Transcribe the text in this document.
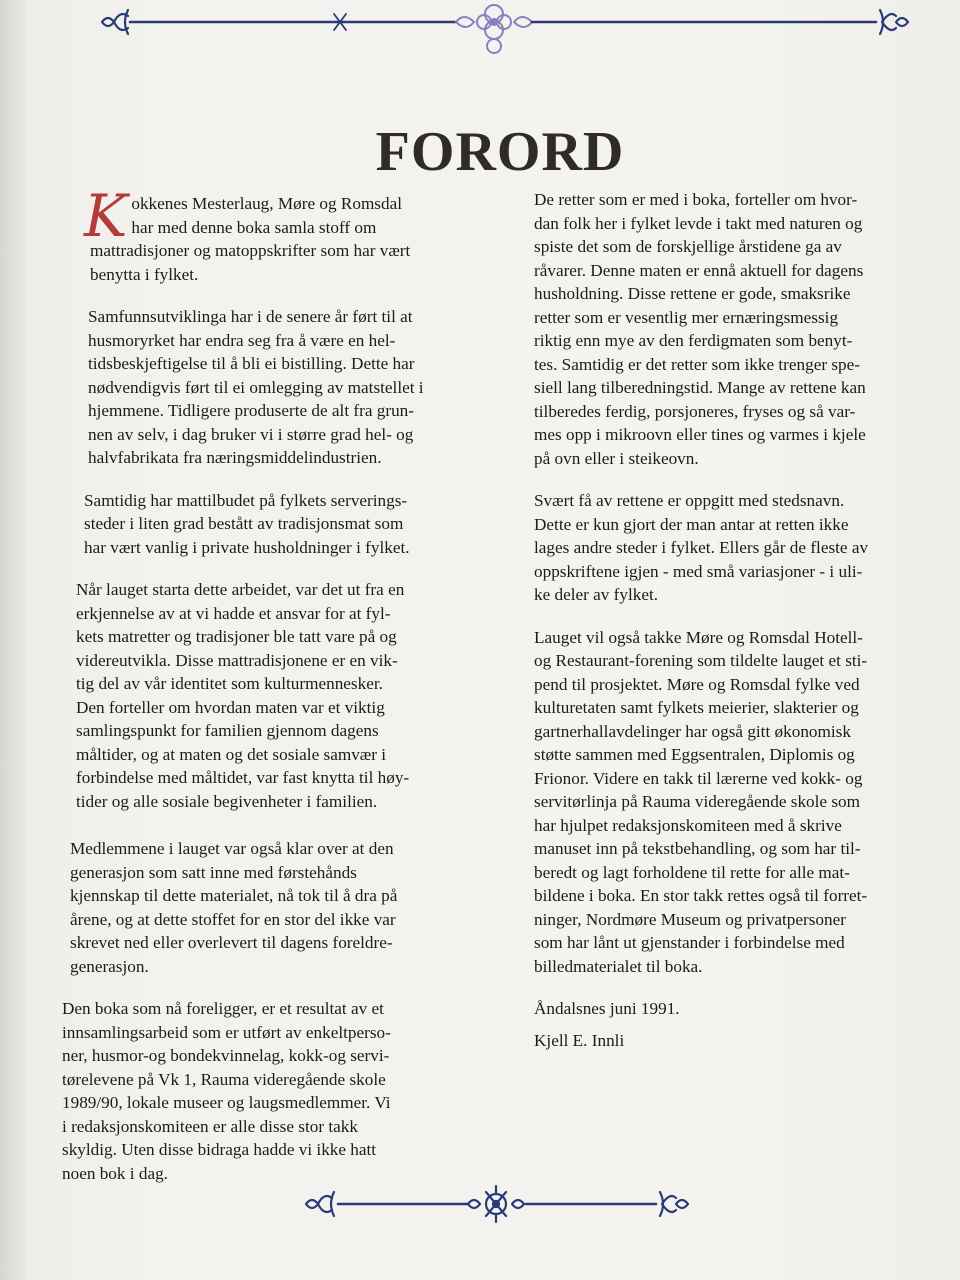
FORORD

Kokkenes Mesterlaug, Møre og Romsdal
har med denne boka samla stoff om
mattradisjoner og matoppskrifter som har vært
benytta i fylket.

Samfunnsutviklinga har i de senere år ført til at
husmoryrket har endra seg fra å være en hel-
tidsbeskjeftigelse til å bli ei bistilling. Dette har
nødvendigvis ført til ei omlegging av matstellet i
hjemmene. Tidligere produserte de alt fra grun-
nen av selv, i dag bruker vi i større grad hel- og
halvfabrikata fra næringsmiddelindustrien.

Samtidig har mattilbudet på fylkets serverings-
steder i liten grad bestått av tradisjonsmat som
har vært vanlig i private husholdninger i fylket.

Når lauget starta dette arbeidet, var det ut fra en
erkjennelse av at vi hadde et ansvar for at fyl-
kets matretter og tradisjoner ble tatt vare på og
videreutvikla. Disse mattradisjonene er en vik-
tig del av vår identitet som kulturmennesker.
Den forteller om hvordan maten var et viktig
samlingspunkt for familien gjennom dagens
måltider, og at maten og det sosiale samvær i
forbindelse med måltidet, var fast knytta til høy-
tider og alle sosiale begivenheter i familien.

Medlemmene i lauget var også klar over at den
generasjon som satt inne med førstehånds
kjennskap til dette materialet, nå tok til å dra på
årene, og at dette stoffet for en stor del ikke var
skrevet ned eller overlevert til dagens foreldre-
generasjon.

Den boka som nå foreligger, er et resultat av et
innsamlingsarbeid som er utført av enkeltperso-
ner, husmor-og bondekvinnelag, kokk-og servi-
tørelevene på Vk 1, Rauma videregående skole
1989/90, lokale museer og laugsmedlemmer. Vi
i redaksjonskomiteen er alle disse stor takk
skyldig. Uten disse bidraga hadde vi ikke hatt
noen bok i dag.

De retter som er med i boka, forteller om hvor-
dan folk her i fylket levde i takt med naturen og
spiste det som de forskjellige årstidene ga av
råvarer. Denne maten er ennå aktuell for dagens
husholdning. Disse rettene er gode, smaksrike
retter som er vesentlig mer ernæringsmessig
riktig enn mye av den ferdigmaten som benyt-
tes. Samtidig er det retter som ikke trenger spe-
siell lang tilberedningstid. Mange av rettene kan
tilberedes ferdig, porsjoneres, fryses og så var-
mes opp i mikroovn eller tines og varmes i kjele
på ovn eller i steikeovn.

Svært få av rettene er oppgitt med stedsnavn.
Dette er kun gjort der man antar at retten ikke
lages andre steder i fylket. Ellers går de fleste av
oppskriftene igjen - med små variasjoner - i uli-
ke deler av fylket.

Lauget vil også takke Møre og Romsdal Hotell-
og Restaurant-forening som tildelte lauget et sti-
pend til prosjektet. Møre og Romsdal fylke ved
kulturetaten samt fylkets meierier, slakterier og
gartnerhallavdelinger har også gitt økonomisk
støtte sammen med Eggsentralen, Diplomis og
Frionor. Videre en takk til lærerne ved kokk- og
servitørlinja på Rauma videregående skole som
har hjulpet redaksjonskomiteen med å skrive
manuset inn på tekstbehandling, og som har til-
beredt og lagt forholdene til rette for alle mat-
bildene i boka. En stor takk rettes også til forret-
ninger, Nordmøre Museum og privatpersoner
som har lånt ut gjenstander i forbindelse med
billedmaterialet til boka.

Åndalsnes juni 1991.

Kjell E. Innli
